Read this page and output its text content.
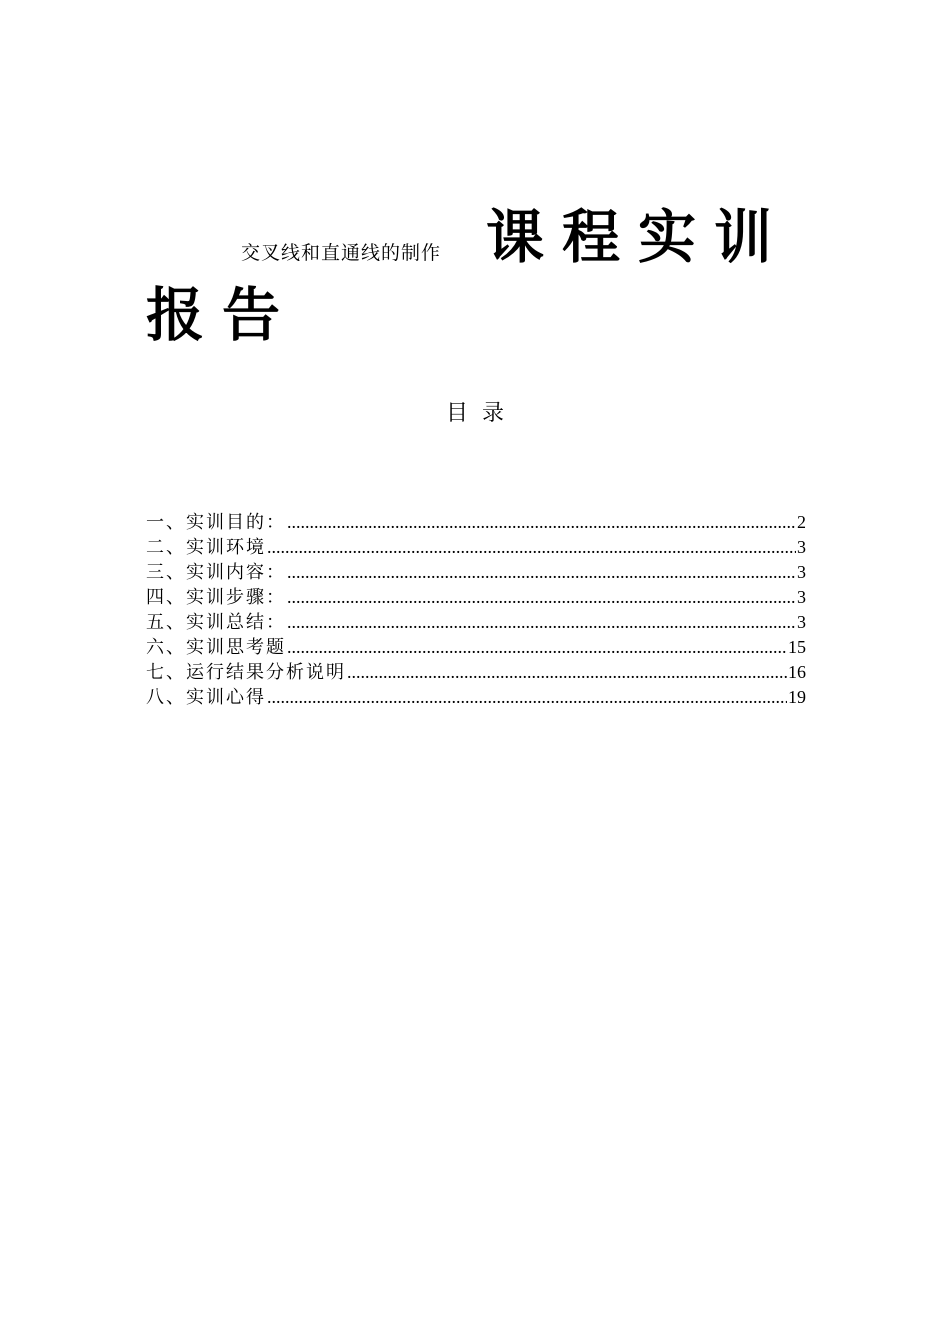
交叉线和直通线的制作 课程实训
报告
目录
一、实训目的： .....	2
二、实训环境 .....	3
三、实训内容： .....	3
四、实训步骤： .....	3
五、实训总结： .....	3
六、实训思考题 .....	15
七、运行结果分析说明 .....	16
八、实训心得 .....	19
